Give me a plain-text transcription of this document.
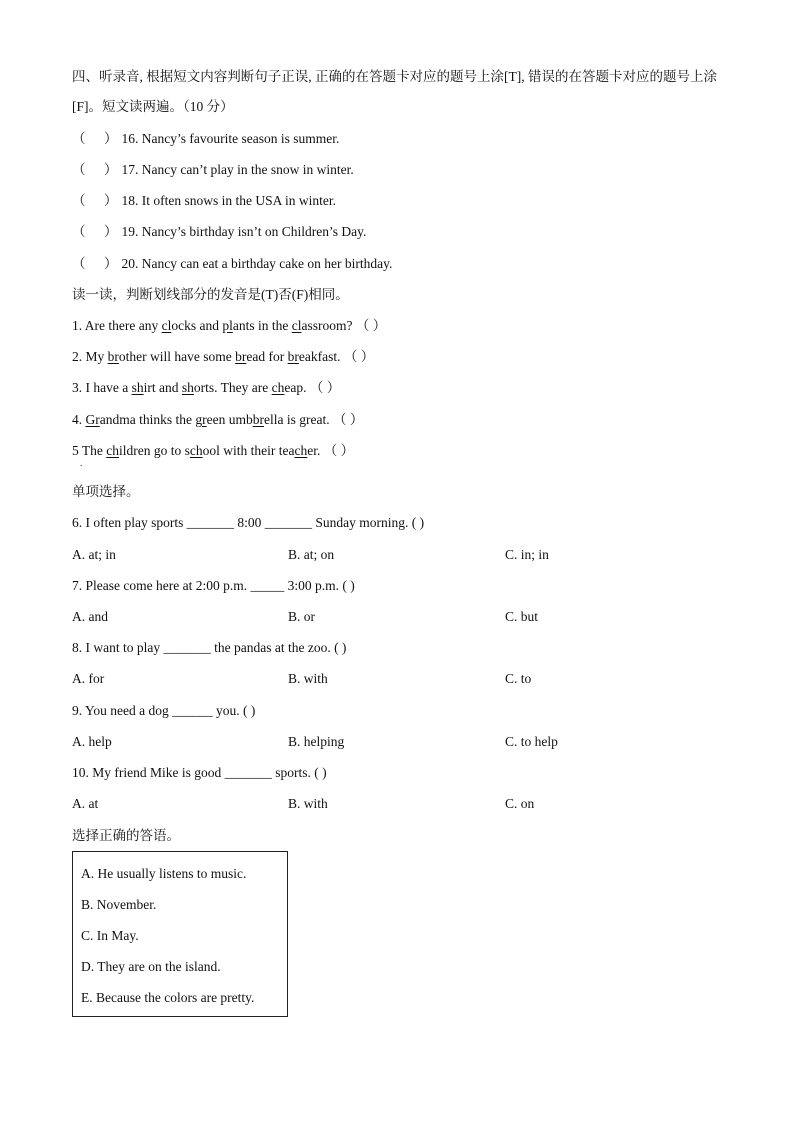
四、听录音, 根据短文内容判断句子正误, 正确的在答题卡对应的题号上涂[T], 错误的在答题卡对应的题号上涂[F]。短文读两遍。（10 分）
（ ） 16. Nancy’s favourite season is summer.
（ ） 17. Nancy can’t play in the snow in winter.
（ ） 18. It often snows in the USA in winter.
（ ） 19. Nancy’s birthday isn’t on Children’s Day.
（ ） 20. Nancy can eat a birthday cake on her birthday.
读一读，判断划线部分的发音是(T)否(F)相同。
1. Are there any clocks and plants in the classroom? （ ）
2. My brother will have some bread for breakfast. （ ）
3. I have a shirt and shorts. They are cheap. （ ）
4. Grandma thinks the green umbbrella is great. （ ）
5 The children go to school with their teacher. （ ）
.
单项选择。
6. I often play sports _______ 8:00 _______ Sunday morning. ( )
A. at; in	B. at; on	C. in; in
7. Please come here at 2:00 p.m. _____ 3:00 p.m. ( )
A. and	B. or	C. but
8. I want to play _______ the pandas at the zoo. ( )
A. for	B. with	C. to
9. You need a dog ______ you. ( )
A. help	B. helping	C. to help
10. My friend Mike is good _______ sports. ( )
A. at	B. with	C. on
选择正确的答语。
A. He usually listens to music.
B. November.
C. In May.
D. They are on the island.
E. Because the colors are pretty.
